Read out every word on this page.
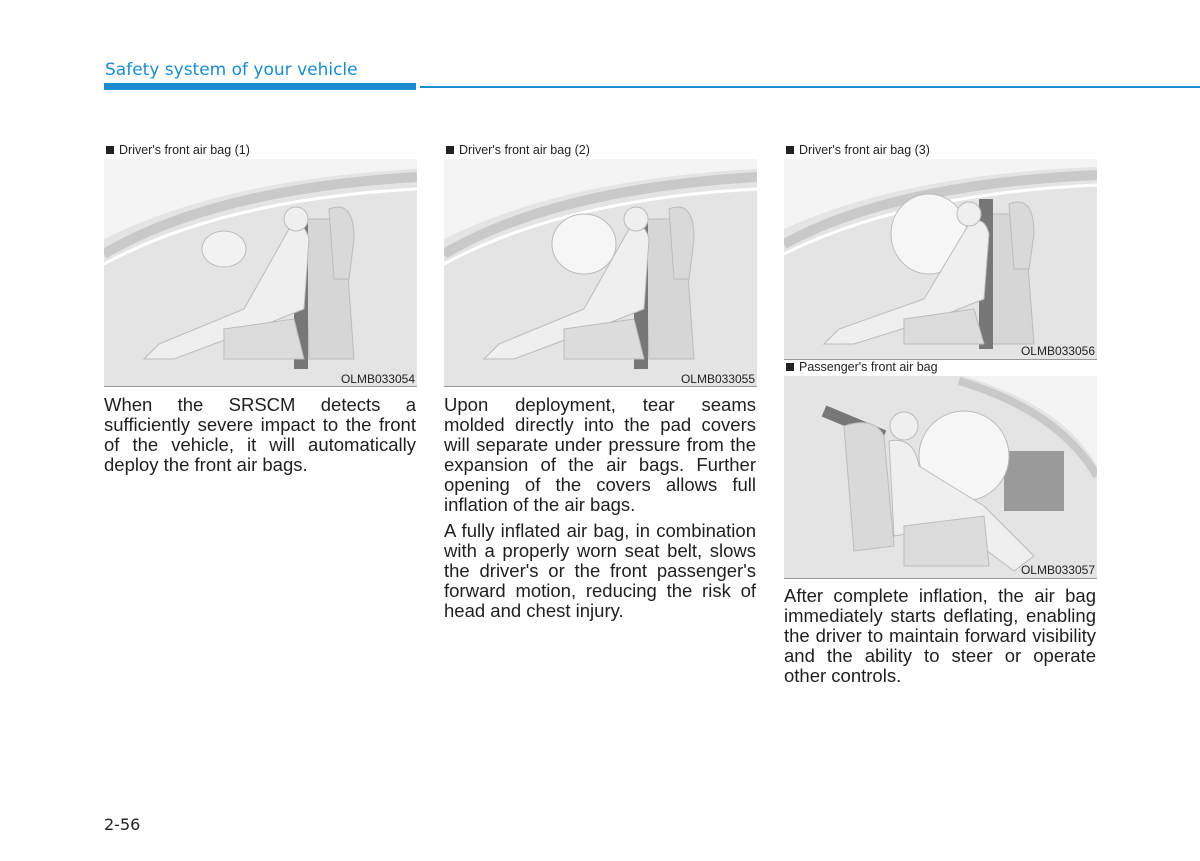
Safety system of your vehicle
Driver's front air bag (1)
OLMB033054
Driver's front air bag (2)
OLMB033055
Driver's front air bag (3)
OLMB033056
Passenger's front air bag
OLMB033057

When the SRSCM detects a sufficiently severe impact to the front of the vehicle, it will automatically deploy the front air bags.

Upon deployment, tear seams molded directly into the pad covers will separate under pressure from the expansion of the air bags. Further opening of the covers allows full inflation of the air bags.

A fully inflated air bag, in combination with a properly worn seat belt, slows the driver's or the front passenger's forward motion, reducing the risk of head and chest injury.

After complete inflation, the air bag immediately starts deflating, enabling the driver to maintain forward visibility and the ability to steer or operate other controls.

2-56
